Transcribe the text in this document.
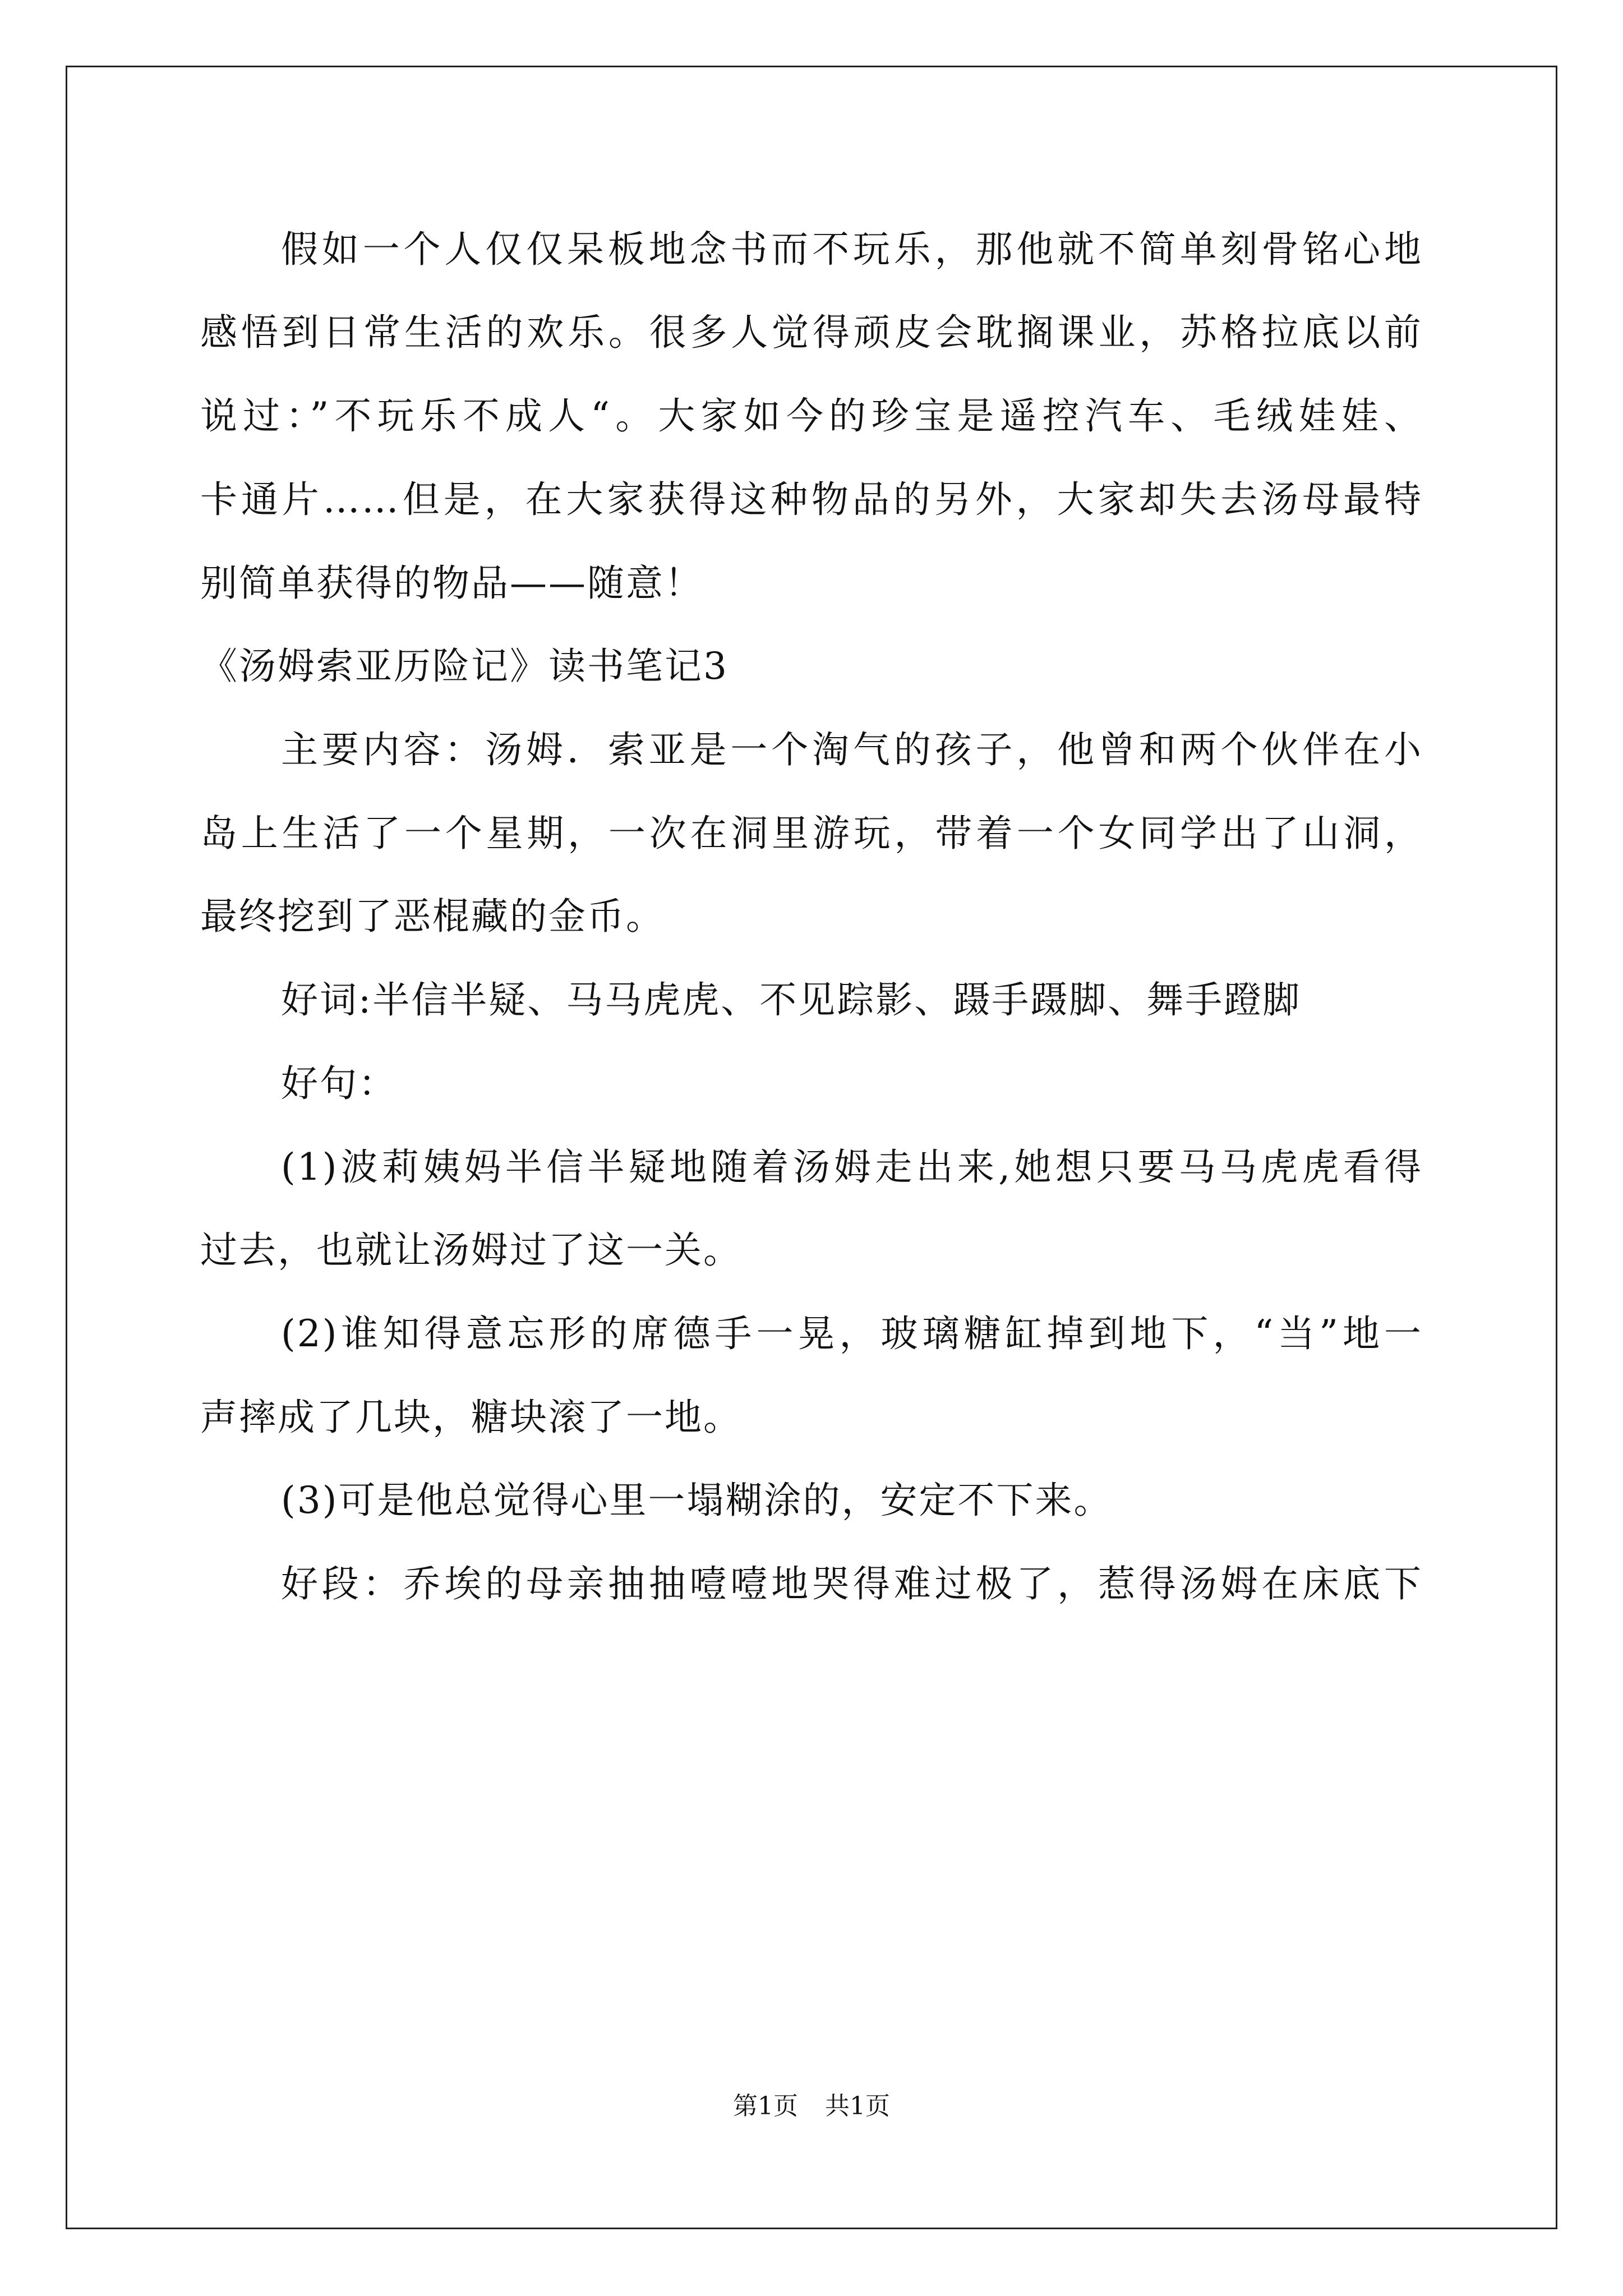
假如一个人仅仅呆板地念书而不玩乐，那他就不简单刻骨铭心地
感悟到日常生活的欢乐。很多人觉得顽皮会耽搁课业，苏格拉底以前
说过：”不玩乐不成人“。大家如今的珍宝是遥控汽车、毛绒娃娃、
卡通片……但是，在大家获得这种物品的另外，大家却失去汤母最特
别简单获得的物品——随意！
《汤姆索亚历险记》读书笔记3
主要内容：汤姆．索亚是一个淘气的孩子，他曾和两个伙伴在小
岛上生活了一个星期，一次在洞里游玩，带着一个女同学出了山洞，
最终挖到了恶棍藏的金币。
好词:半信半疑、马马虎虎、不见踪影、蹑手蹑脚、舞手蹬脚
好句：
(1)波莉姨妈半信半疑地随着汤姆走出来,她想只要马马虎虎看得
过去，也就让汤姆过了这一关。
(2)谁知得意忘形的席德手一晃，玻璃糖缸掉到地下，“当”地一
声摔成了几块，糖块滚了一地。
(3)可是他总觉得心里一塌糊涂的，安定不下来。
好段：乔埃的母亲抽抽噎噎地哭得难过极了，惹得汤姆在床底下
第1页 共1页
